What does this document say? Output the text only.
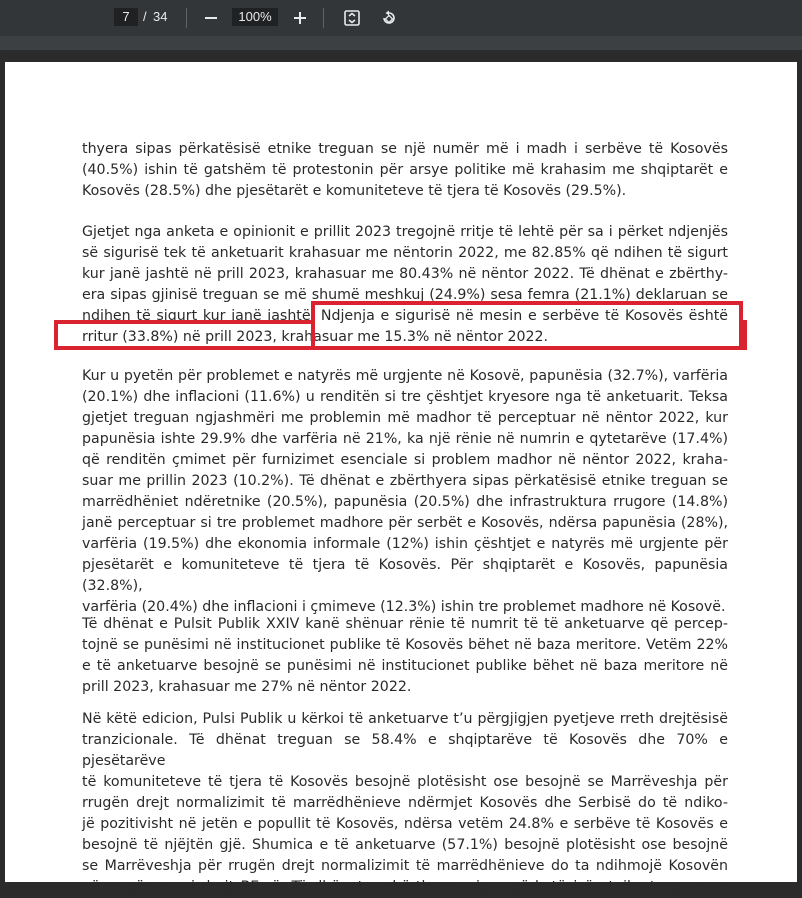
7
/ 34
100%

thyera sipas përkatësisë etnike treguan se një numër më i madh i serbëve të Kosovës
(40.5%) ishin të gatshëm të protestonin për arsye politike më krahasim me shqiptarët e
Kosovës (28.5%) dhe pjesëtarët e komuniteteve të tjera të Kosovës (29.5%).

Gjetjet nga anketa e opinionit e prillit 2023 tregojnë rritje të lehtë për sa i përket ndjenjës
së sigurisë tek të anketuarit krahasuar me nëntorin 2022, me 82.85% që ndihen të sigurt
kur janë jashtë në prill 2023, krahasuar me 80.43% në nëntor 2022. Të dhënat e zbërthy-
era sipas gjinisë treguan se më shumë meshkuj (24.9%) sesa femra (21.1%) deklaruan se
ndihen të sigurt kur janë jashtë. Ndjenja e sigurisë në mesin e serbëve të Kosovës është
rritur (33.8%) në prill 2023, krahasuar me 15.3% në nëntor 2022.

Kur u pyetën për problemet e natyrës më urgjente në Kosovë, papunësia (32.7%), varfëria
(20.1%) dhe inflacioni (11.6%) u renditën si tre çështjet kryesore nga të anketuarit. Teksa
gjetjet treguan ngjashmëri me problemin më madhor të perceptuar në nëntor 2022, kur
papunësia ishte 29.9% dhe varfëria në 21%, ka një rënie në numrin e qytetarëve (17.4%)
që renditën çmimet për furnizimet esenciale si problem madhor në nëntor 2022, kraha-
suar me prillin 2023 (10.2%). Të dhënat e zbërthyera sipas përkatësisë etnike treguan se
marrëdhëniet ndëretnike (20.5%), papunësia (20.5%) dhe infrastruktura rrugore (14.8%)
janë perceptuar si tre problemet madhore për serbët e Kosovës, ndërsa papunësia (28%),
varfëria (19.5%) dhe ekonomia informale (12%) ishin çështjet e natyrës më urgjente për
pjesëtarët e komuniteteve të tjera të Kosovës. Për shqiptarët e Kosovës, papunësia (32.8%),
varfëria (20.4%) dhe inflacioni i çmimeve (12.3%) ishin tre problemet madhore në Kosovë.

Të dhënat e Pulsit Publik XXIV kanë shënuar rënie të numrit të të anketuarve që percep-
tojnë se punësimi në institucionet publike të Kosovës bëhet në baza meritore. Vetëm 22%
e të anketuarve besojnë se punësimi në institucionet publike bëhet në baza meritore në
prill 2023, krahasuar me 27% në nëntor 2022.

Në këtë edicion, Pulsi Publik u kërkoi të anketuarve t’u përgjigjen pyetjeve rreth drejtësisë
tranzicionale. Të dhënat treguan se 58.4% e shqiptarëve të Kosovës dhe 70% e pjesëtarëve
të komuniteteve të tjera të Kosovës besojnë plotësisht ose besojnë se Marrëveshja për
rrugën drejt normalizimit të marrëdhënieve ndërmjet Kosovës dhe Serbisë do të ndiko-
jë pozitivisht në jetën e popullit të Kosovës, ndërsa vetëm 24.8% e serbëve të Kosovës e
besojnë të njëjtën gjë. Shumica e të anketuarve (57.1%) besojnë plotësisht ose besojnë
se Marrëveshja për rrugën drejt normalizimit të marrëdhënieve do ta ndihmojë Kosovën
në rrugën e saj drejt BE-së. Të dhënat e zbërthyera sipas përkatësisë etnike treguan se
